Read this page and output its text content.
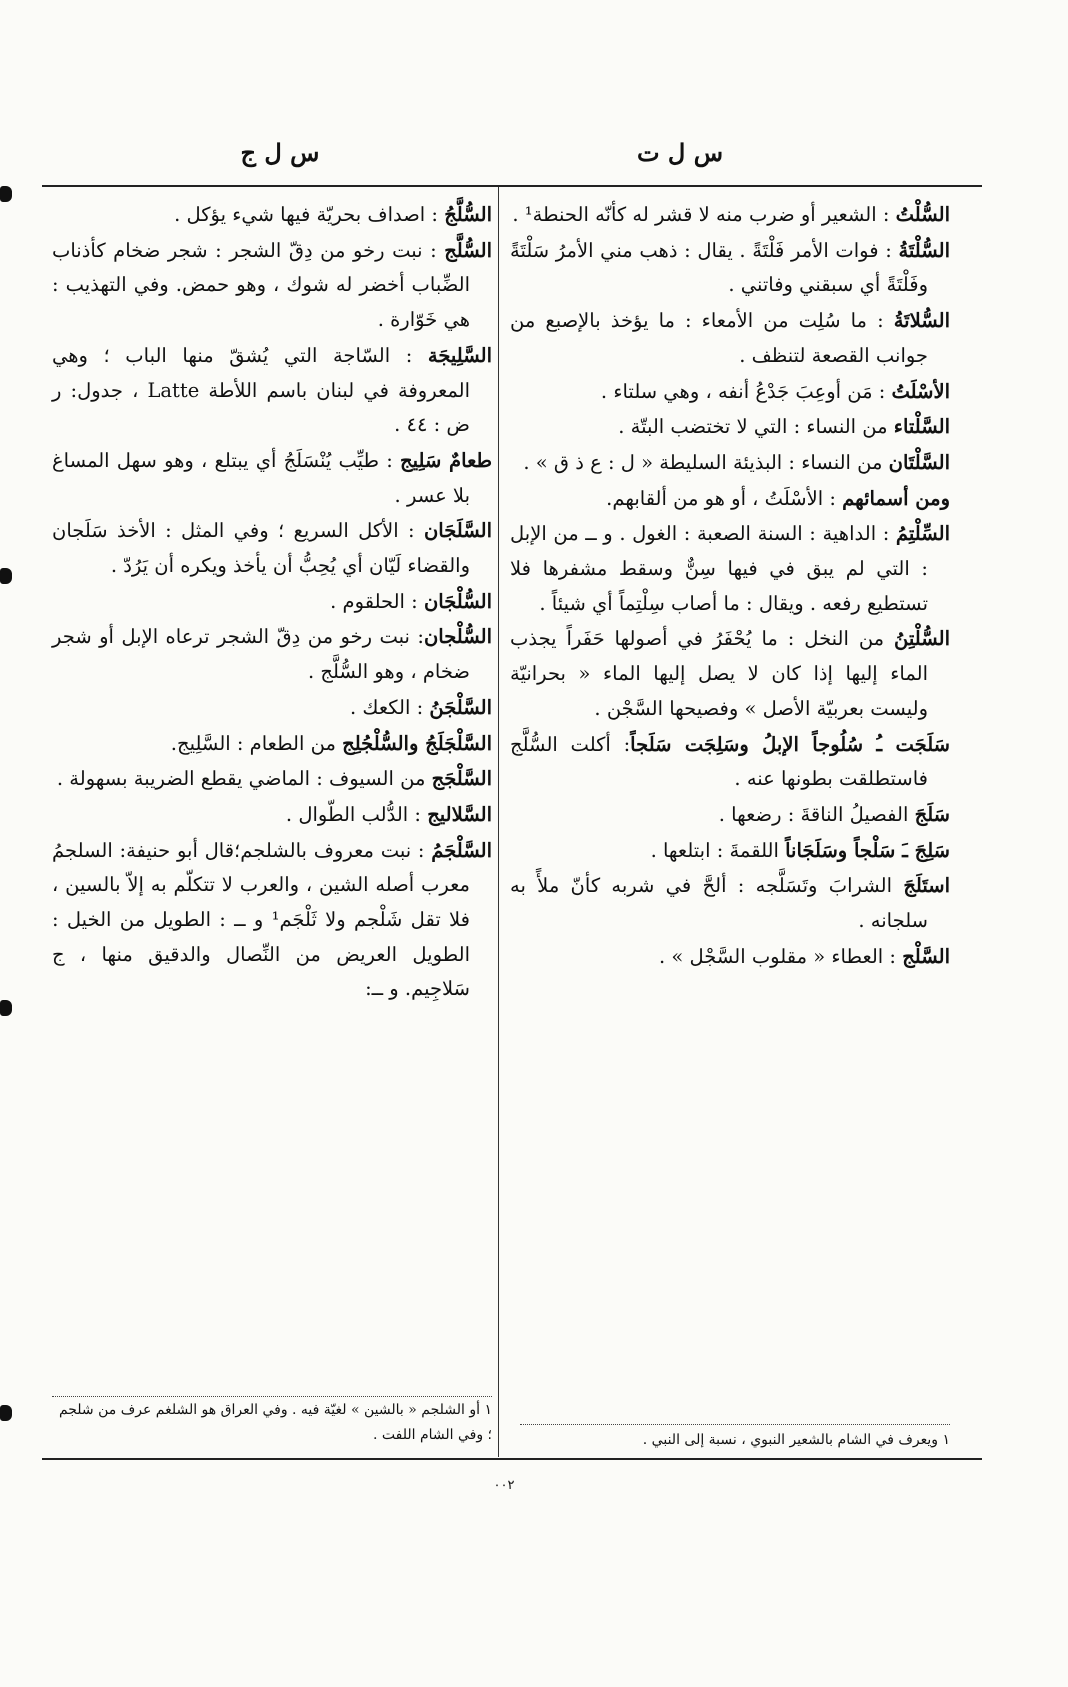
س ل ت
س ل ج

السُّلْتُ : الشعير أو ضرب منه لا قشر له كأنّه الحنطة¹ .

السُّلْتَةُ : فوات الأمر فَلْتَةً . يقال : ذهب مني الأمرُ سَلْتَةً وفَلْتَةً أي سبقني وفاتني .

السُّلاتَةُ : ما سُلِت من الأمعاء : ما يؤخذ بالإصبع من جوانب القصعة لتنظف .

الأسْلَتُ : مَن أوعِبَ جَدْعُ أنفه ، وهي سلتاء .

السَّلْتاء من النساء : التي لا تختضب البتّة .

السَّلْتَان من النساء : البذيئة السليطة « ل : ع ذ ق » .

ومن أسمائهم : الأسْلَتُ ، أو هو من ألقابهم.

السِّلْتِمُ : الداهية : السنة الصعبة : الغول . و ــ من الإبل : التي لم يبق في فيها سِنٌّ وسقط مشفرها فلا تستطيع رفعه . ويقال : ما أصاب سِلْتِماً أي شيئاً .

السُّلْتِنُ من النخل : ما يُحْفَرُ في أصولها حَفَراً يجذب الماء إليها إذا كان لا يصل إليها الماء « بحرانيّة وليست بعربيّة الأصل » وفصيحها السَّجْن .

سَلَجَت ـُ سُلُوجاً الإبلُ وسَلِجَت سَلَجاً: أكلت السُّلَّج فاستطلقت بطونها عنه .

سَلَجَ الفصيلُ الناقةَ : رضعها .

سَلِجَ ـَ سَلْجاً وسَلَجَاناً اللقمةَ : ابتلعها .

استَلَجَ الشرابَ وتَسَلَّجه : ألحَّ في شربه كأنّ ملأً به سلجانه .

السَّلْج : العطاء « مقلوب السَّجْل » .

السُّلَّجُ : اصداف بحريّة فيها شيء يؤكل .

السُّلَّج : نبت رخو من دِقّ الشجر : شجر ضخام كأذناب الضِّباب أخضر له شوك ، وهو حمض. وفي التهذيب : هي خَوّارة .

السَّلِيجَة : السّاجة التي يُشقّ منها الباب ؛ وهي المعروفة في لبنان باسم اللأطة Latte ، جدول: ر ض : ٤٤ .

طعامٌ سَلِيج : طيِّب يُنْسَلَجُ أي يبتلع ، وهو سهل المساغ بلا عسر .

السَّلَجَان : الأكل السريع ؛ وفي المثل : الأخذ سَلَجان والقضاء لَيّان أي يُحِبُّ أن يأخذ ويكره أن يَرُدّ .

السُّلْجَان : الحلقوم .

السُّلْجان: نبت رخو من دِقّ الشجر ترعاه الإبل أو شجر ضخام ، وهو السُّلَّج .

السَّلْجَنُ : الكعك .

السَّلْجَلَجُ والسُّلْجُلِج من الطعام : السَّلِيج.

السَّلْجَج من السيوف : الماضي يقطع الضريبة بسهولة .

السَّلاليج : الدُّلب الطّوال .

السَّلْجَمُ : نبت معروف بالشلجم؛قال أبو حنيفة: السلجمُ معرب أصله الشين ، والعرب لا تتكلّم به إلاّ بالسين ، فلا تقل شَلْجم ولا ثَلْجَم¹ و ــ : الطويل من الخيل : الطويل العريض من النِّصال والدقيق منها ، ج سَلاجِيم. و ــ:

١ أو الشلجم « بالشين » لغيّة فيه . وفي العراق هو الشلغم عرف من شلجم ؛ وفي الشام اللفت .	١ ويعرف في الشام بالشعير النبوي ، نسبة إلى النبي .
٠٠٢
